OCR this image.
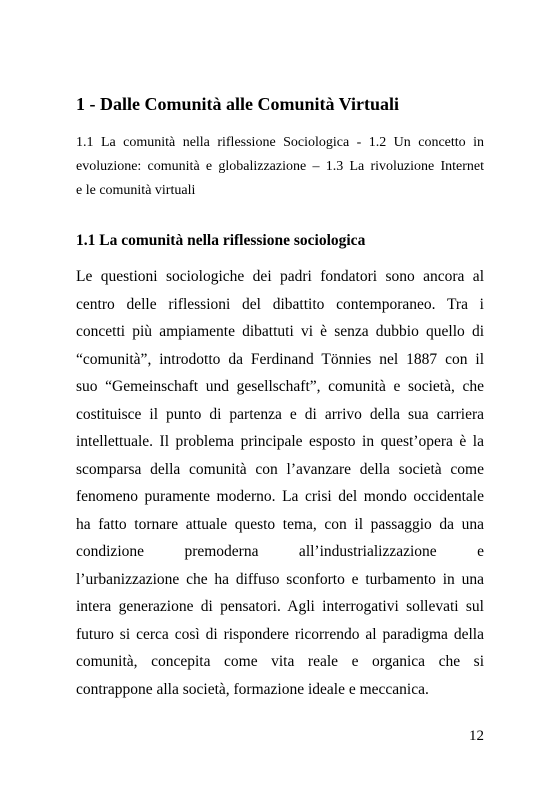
1 - Dalle Comunità alle Comunità Virtuali
1.1 La comunità nella riflessione Sociologica - 1.2 Un concetto in
evoluzione: comunità e globalizzazione – 1.3 La rivoluzione Internet
e le comunità virtuali
1.1 La comunità nella riflessione sociologica
Le questioni sociologiche dei padri fondatori sono ancora al
centro delle riflessioni del dibattito contemporaneo. Tra i
concetti più ampiamente dibattuti vi è senza dubbio quello di
“comunità”, introdotto da Ferdinand Tönnies nel 1887 con il
suo “Gemeinschaft und gesellschaft”, comunità e società, che
costituisce il punto di partenza e di arrivo della sua carriera
intellettuale. Il problema principale esposto in quest’opera è la
scomparsa della comunità con l’avanzare della società come
fenomeno puramente moderno. La crisi del mondo occidentale
ha fatto tornare attuale questo tema, con il passaggio da una
condizione premoderna all’industrializzazione e
l’urbanizzazione che ha diffuso sconforto e turbamento in una
intera generazione di pensatori. Agli interrogativi sollevati sul
futuro si cerca così di rispondere ricorrendo al paradigma della
comunità, concepita come vita reale e organica che si
contrappone alla società, formazione ideale e meccanica.
12
